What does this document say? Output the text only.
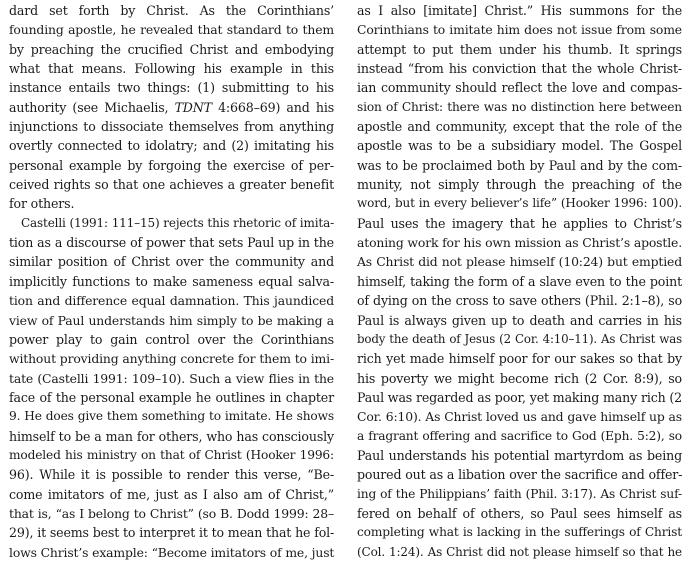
dard set forth by Christ. As the Corinthians’
founding apostle, he revealed that standard to them
by preaching the crucified Christ and embodying
what that means. Following his example in this
instance entails two things: (1) submitting to his
authority (see Michaelis, TDNT 4:668–69) and his
injunctions to dissociate themselves from anything
overtly connected to idolatry; and (2) imitating his
personal example by forgoing the exercise of per-
ceived rights so that one achieves a greater benefit
for others.
Castelli (1991: 111–15) rejects this rhetoric of imita-
tion as a discourse of power that sets Paul up in the
similar position of Christ over the community and
implicitly functions to make sameness equal salva-
tion and difference equal damnation. This jaundiced
view of Paul understands him simply to be making a
power play to gain control over the Corinthians
without providing anything concrete for them to imi-
tate (Castelli 1991: 109–10). Such a view flies in the
face of the personal example he outlines in chapter
9. He does give them something to imitate. He shows
himself to be a man for others, who has consciously
modeled his ministry on that of Christ (Hooker 1996:
96). While it is possible to render this verse, “Be-
come imitators of me, just as I also am of Christ,”
that is, “as I belong to Christ” (so B. Dodd 1999: 28–
29), it seems best to interpret it to mean that he fol-
lows Christ’s example: “Become imitators of me, just
as I also [imitate] Christ.” His summons for the
Corinthians to imitate him does not issue from some
attempt to put them under his thumb. It springs
instead “from his conviction that the whole Christ-
ian community should reflect the love and compas-
sion of Christ: there was no distinction here between
apostle and community, except that the role of the
apostle was to be a subsidiary model. The Gospel
was to be proclaimed both by Paul and by the com-
munity, not simply through the preaching of the
word, but in every believer’s life” (Hooker 1996: 100).
Paul uses the imagery that he applies to Christ’s
atoning work for his own mission as Christ’s apostle.
As Christ did not please himself (10:24) but emptied
himself, taking the form of a slave even to the point
of dying on the cross to save others (Phil. 2:1–8), so
Paul is always given up to death and carries in his
body the death of Jesus (2 Cor. 4:10–11). As Christ was
rich yet made himself poor for our sakes so that by
his poverty we might become rich (2 Cor. 8:9), so
Paul was regarded as poor, yet making many rich (2
Cor. 6:10). As Christ loved us and gave himself up as
a fragrant offering and sacrifice to God (Eph. 5:2), so
Paul understands his potential martyrdom as being
poured out as a libation over the sacrifice and offer-
ing of the Philippians’ faith (Phil. 3:17). As Christ suf-
fered on behalf of others, so Paul sees himself as
completing what is lacking in the sufferings of Christ
(Col. 1:24). As Christ did not please himself so that he
